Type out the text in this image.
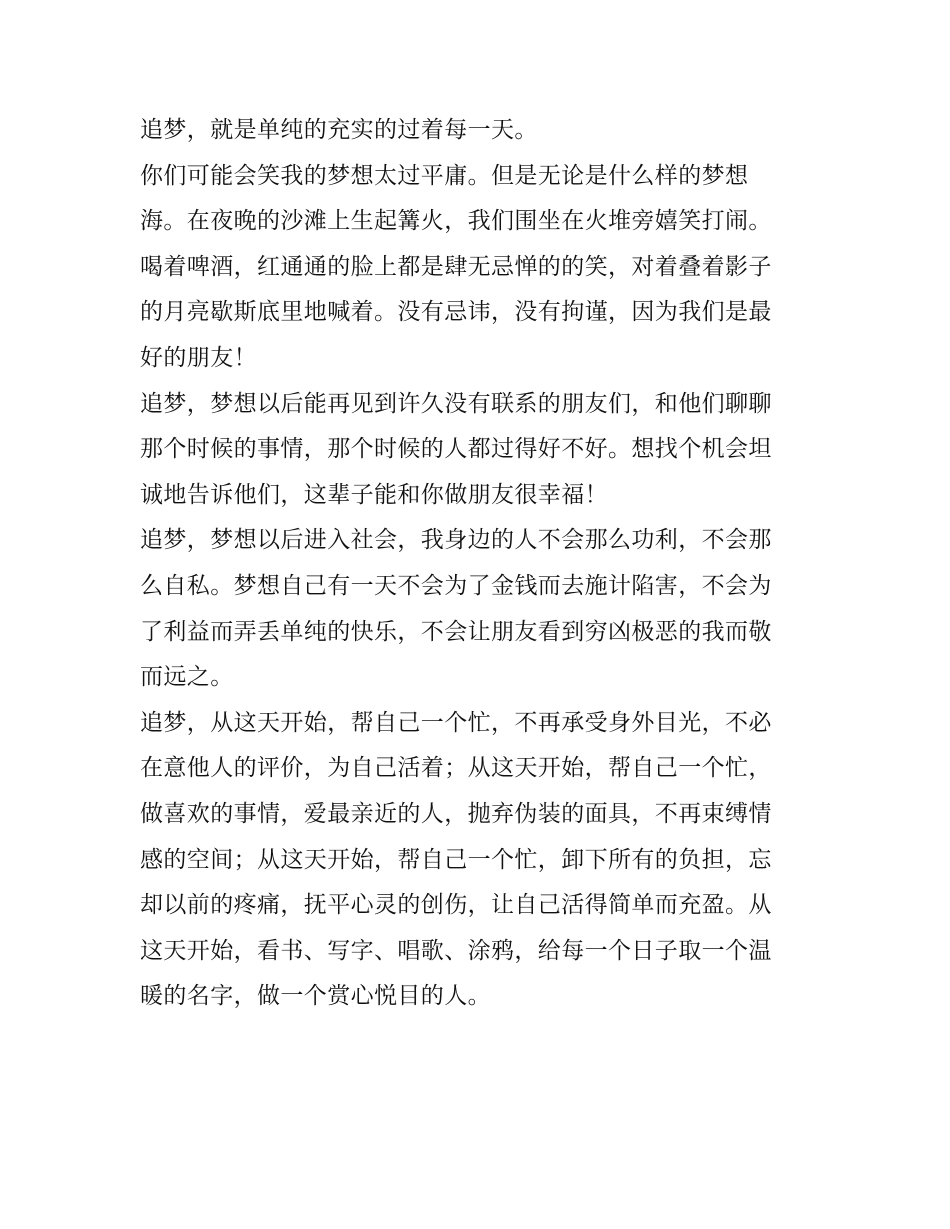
追梦，就是单纯的充实的过着每一天。
你们可能会笑我的梦想太过平庸。但是无论是什么样的梦想
海。在夜晚的沙滩上生起篝火，我们围坐在火堆旁嬉笑打闹。
喝着啤酒，红通通的脸上都是肆无忌惮的的笑，对着叠着影子
的月亮歇斯底里地喊着。没有忌讳，没有拘谨，因为我们是最
好的朋友！
追梦，梦想以后能再见到许久没有联系的朋友们，和他们聊聊
那个时候的事情，那个时候的人都过得好不好。想找个机会坦
诚地告诉他们，这辈子能和你做朋友很幸福！
追梦，梦想以后进入社会，我身边的人不会那么功利，不会那
么自私。梦想自己有一天不会为了金钱而去施计陷害，不会为
了利益而弄丢单纯的快乐，不会让朋友看到穷凶极恶的我而敬
而远之。
追梦，从这天开始，帮自己一个忙，不再承受身外目光，不必
在意他人的评价，为自己活着；从这天开始，帮自己一个忙，
做喜欢的事情，爱最亲近的人，抛弃伪装的面具，不再束缚情
感的空间；从这天开始，帮自己一个忙，卸下所有的负担，忘
却以前的疼痛，抚平心灵的创伤，让自己活得简单而充盈。从
这天开始，看书、写字、唱歌、涂鸦，给每一个日子取一个温
暖的名字，做一个赏心悦目的人。
